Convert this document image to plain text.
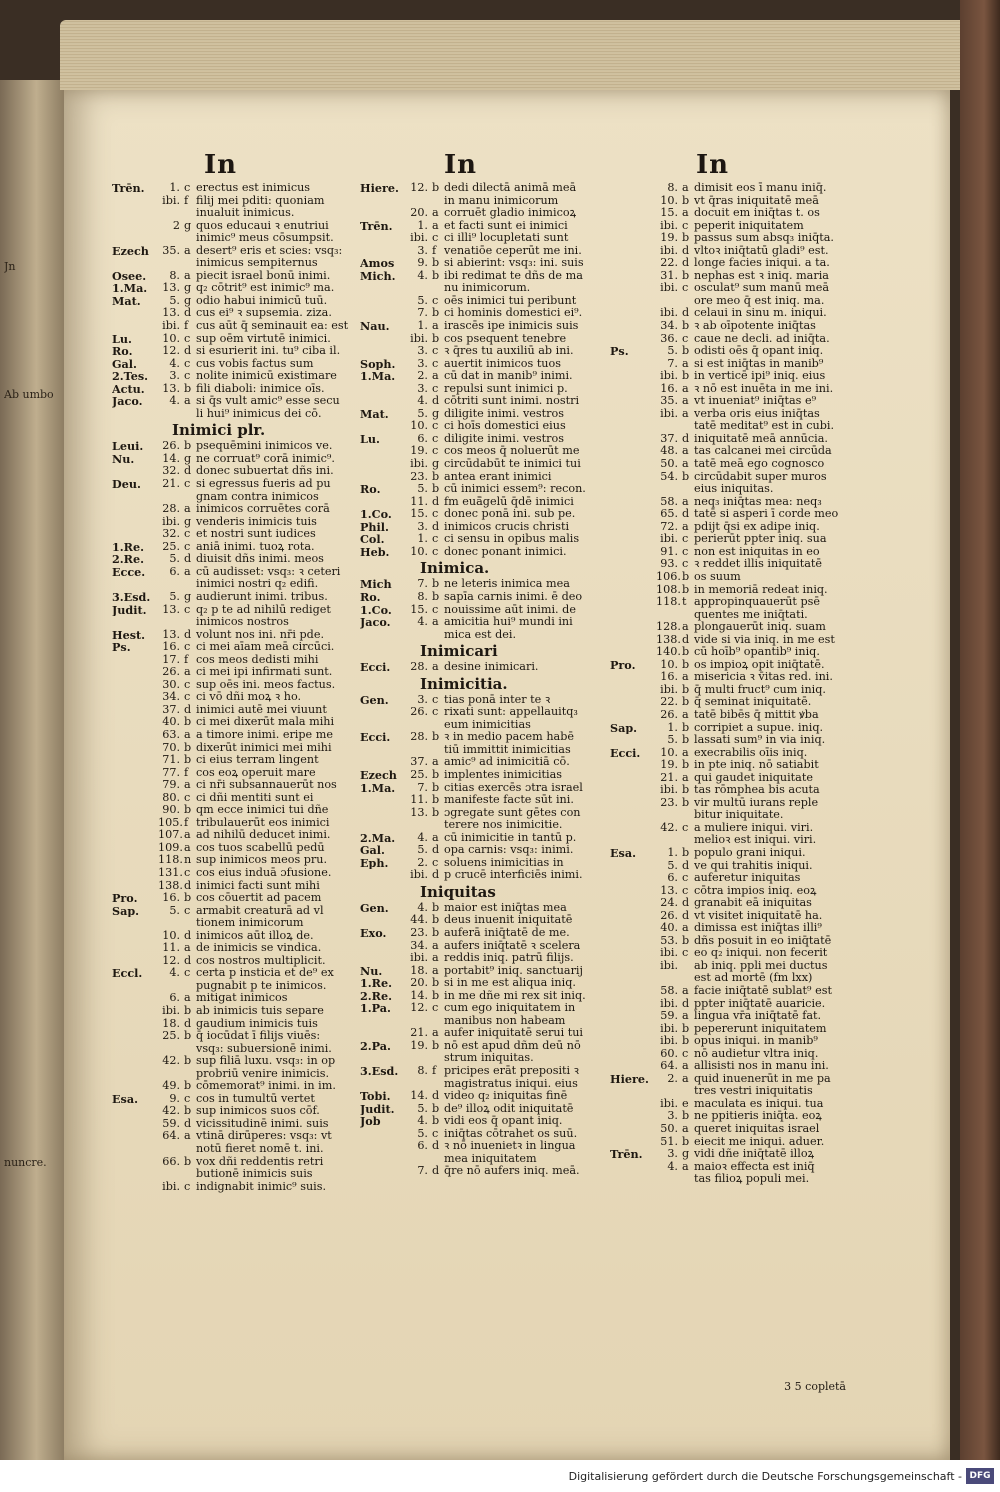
Jn
Ab umbo
nuncre.
In	In	In
Trēn.	1. c erectus est inimicus
ibi. f filij mei pditi: quoniam
inualuit inimicus.
2 g quos educaui ꝛ enutriui
inimic⁹ meus cōsumpsit.
Ezech	35. a desert⁹ eris et scies: vsq₃:
inimicus sempiternus
Osee.	8. a piecit israel bonū inimi.
1.Ma.	13. g q₂ cōtrit⁹ est inimic⁹ ma.
Mat.	5. g odio habui inimicū tuū.
13. d cus ei⁹ ꝛ supsemia. ziza.
ibi. f cus aūt q̄ seminauit ea: est
Lu.	10. c sup oēm virtutē inimici.
Ro.	12. d si esurierit ini. tu⁹ ciba il.
Gal.	4. c cus vobis factus sum
2.Tes.	3. c nolite inimicū existimare
Actu.	13. b fili diaboli: inimice oīs.
Jaco.	4. a si q̄s vult amic⁹ esse secu
li hui⁹ inimicus dei cō.
Inimici plr.
Leui.	26. b psequēmini inimicos ve.
Nu.	14. g ne corruat⁹ corā inimic⁹.
32. d donec subuertat dñs ini.
Deu.	21. c si egressus fueris ad pu
gnam contra inimicos
28. a inimicos corruētes corā
ibi. g venderis inimicis tuis
32. c et nostri sunt iudices
1.Re.	25. c aniā inimi. tuoꝝ rota.
2.Re.	5. d diuisit dñs inimi. meos
Ecce.	6. a cū audisset: vsq₃: ꝛ ceteri
inimici nostri q₂ edifi.
3.Esd.	5. g audierunt inimi. tribus.
Judit.	13. c q₂ p te ad nihilū rediget
inimicos nostros
Hest.	13. d volunt nos ini. nr̄i pde.
Ps.	16. c ci mei aīam meā circūci.
17. f cos meos dedisti mihi
26. a ci mei ipi infirmati sunt.
30. c sup oēs ini. meos factus.
34. c ci vō dñi moꝝ ꝛ ho.
37. d inimici autē mei viuunt
40. b ci mei dixerūt mala mihi
63. a a timore inimi. eripe me
70. b dixerūt inimici mei mihi
71. b ci eius terram lingent
77. f cos eoꝝ operuit mare
79. a ci nr̄i subsannauerūt nos
80. c ci dñi mentiti sunt ei
90. b qm ecce inimici tui dñe
105. f tribulauerūt eos inimici
107. a ad nihilū deducet inimi.
109. a cos tuos scabellū pedū
118. n sup inimicos meos pru.
131. c cos eius induā ɔfusione.
138. d inimici facti sunt mihi
Pro.	16. b cos cōuertit ad pacem
Sap.	5. c armabit creaturā ad vl
tionem inimicorum
10. d inimicos aūt illoꝝ de.
11. a de inimicis se vindica.
12. d cos nostros multiplicit.
Eccl.	4. c certa p insticia et de⁹ ex
pugnabit p te inimicos.
6. a mitigat inimicos
ibi. b ab inimicis tuis separe
18. d gaudium inimicis tuis
25. b q̄ iocūdat ī filijs viuēs:
vsq₃: subuersionē inimi.
42. b sup filiā luxu. vsq₃: in op
probriū venire inimicis.
49. b cōmemorat⁹ inimi. in im.
Esa.	9. c cos in tumultū vertet
42. b sup inimicos suos cōf.
59. d vicissitudinē inimi. suis
64. a vtinā dirūperes: vsq₃: vt
notū fieret nomē t. ini.
66. b vox dñi reddentis retri
butionē inimicis suis
ibi. c indignabit inimic⁹ suis.
Hiere.	12. b dedi dilectā animā meā
in manu inimicorum
20. a corruēt gladio inimicoꝝ
Trēn.	1. a et facti sunt ei inimici
ibi. c ci illi⁹ locupletati sunt
3. f venatiōe ceperūt me ini.
Amos	9. b si abierint: vsq₃: ini. suis
Mich.	4. b ibi redimat te dñs de ma
nu inimicorum.
5. c oēs inimici tui peribunt
7. b ci hominis domestici ei⁹.
Nau.	1. a irascēs ipe inimicis suis
ibi. b cos psequent tenebre
3. c ꝛ q̄res tu auxiliū ab ini.
Soph.	3. c auertit inimicos tuos
1.Ma.	2. a cū dat in manib⁹ inimi.
3. c repulsi sunt inimici p.
4. d cōtriti sunt inimi. nostri
Mat.	5. g diligite inimi. vestros
10. c ci hoīs domestici eius
Lu.	6. c diligite inimi. vestros
19. c cos meos q̄ noluerūt me
ibi. g circūdabūt te inimici tui
23. b antea erant inimici
Ro.	5. b cū inimici essem⁹: recon.
11. d fm euā̄gelū q̄dē inimici
1.Co.	15. c donec ponā ini. sub pe.
Phil.	3. d inimicos crucis christi
Col.	1. c ci sensu in opibus malis
Heb.	10. c donec ponant inimici.
Inimica.
Mich	7. b ne leteris inimica mea
Ro.	8. b sapīa carnis inimi. ē deo
1.Co.	15. c nouissime aūt inimi. de
Jaco.	4. a amicitia hui⁹ mundi ini
mica est dei.
Inimicari
Ecci.	28. a desine inimicari.
Inimicitia.
Gen.	3. c tias ponā inter te ꝛ
26. c rixati sunt: appellauitq₃
eum inimicitias
Ecci.	28. b ꝛ in medio pacem habē
tiū immittit inimicitias
37. a amic⁹ ad inimicitiā cō.
Ezech	25. b implentes inimicitias
1.Ma.	7. b citias exercēs ɔtra israel
11. b manifeste facte sūt ini.
13. b ɔgregate sunt gētes con
terere nos inimicitie.
2.Ma.	4. a cū inimicitie in tantū p.
Gal.	5. d opa carnis: vsq₃: inimi.
Eph.	2. c soluens inimicitias in
ibi. d p crucē interficiēs inimi.
Iniquitas
Gen.	4. b maior est iniq̄tas mea
44. b deus inuenit iniquitatē
Exo.	23. b auferā iniq̄tatē de me.
34. a aufers iniq̄tatē ꝛ scelera
ibi. a reddis iniq. patrū filijs.
Nu.	18. a portabit⁹ iniq. sanctuarij
1.Re.	20. b si in me est aliqua iniq.
2.Re.	14. b in me dñe mi rex sit iniq.
1.Pa.	12. c cum ego iniquitatem in
manibus non habeam
21. a aufer iniquitatē serui tui
2.Pa.	19. b nō est apud dñm deū nō
strum iniquitas.
3.Esd.	8. f pricipes erāt prepositi ꝛ
magistratus iniqui. eius
Tobi.	14. d video q₂ iniquitas finē
Judit.	5. b de⁹ illoꝝ odit iniquitatē
Job	4. b vidi eos q̄ opant iniq.
5. c iniq̄tas cōtrahet os suū.
6. d ꝛ nō inuenietꝛ in lingua
mea iniquitatem
7. d q̄re nō aufers iniq. meā.
8. a dimisit eos ī manu iniq̄.
10. b vt q̄ras iniquitatē meā
15. a docuit em iniq̄tas t. os
ibi. c peperit iniquitatem
19. b passus sum absq₃ iniq̄ta.
ibi. d vltoꝛ iniq̄tatū gladi⁹ est.
22. d longe facies iniqui. a ta.
31. b nephas est ꝛ iniq. maria
ibi. c osculat⁹ sum manū meā
ore meo q̄ est iniq. ma.
ibi. d celaui in sinu m. iniqui.
34. b ꝛ ab oīpotente iniq̄tas
36. c caue ne decli. ad iniq̄ta.
Ps.	5. b odisti oēs q̄ opant iniq.
7. a si est iniq̄tas in manib⁹
ibi. b in verticē ipi⁹ iniq. eius
16. a ꝛ nō est inuēta in me ini.
35. a vt inueniat⁹ iniq̄tas e⁹
ibi. a verba oris eius iniq̄tas
tatē meditat⁹ est in cubi.
37. d iniquitatē meā annūcia.
48. a tas calcanei mei circūda
50. a tatē meā ego cognosco
54. b circūdabit super muros
eius iniquitas.
58. a neq₃ iniq̄tas mea: neq₃
65. d tatē si asperi ī corde meo
72. a pdijt q̄si ex adipe iniq.
ibi. c perierūt ppter iniq. sua
91. c non est iniquitas in eo
93. c ꝛ reddet illis iniquitatē
106. b os suum
108. b in memoriā redeat iniq.
118. t appropinquauerūt psē
quentes me iniq̄tati.
128. a plongauerūt iniq. suam
138. d vide si via iniq. in me est
140. b cū hoīb⁹ opantib⁹ iniq.
Pro.	10. b os impioꝝ opit iniq̄tatē.
16. a misericia ꝛ v̄itas red. ini.
ibi. b q̄ multi fruct⁹ cum iniq.
22. b q̄ seminat iniquitatē.
26. a tatē bibēs q̄ mittit ꝟba
Sap.	1. b corripiet a supue. iniq.
5. b lassati sum⁹ in via iniq.
Ecci.	10. a execrabilis oīis iniq.
19. b in pte iniq. nō satiabit
21. a qui gaudet iniquitate
ibi. b tas rōmphea bis acuta
23. b vir multū iurans reple
bitur iniquitate.
42. c a muliere iniqui. viri.
melioꝛ est iniqui. viri.
Esa.	1. b populo grani iniqui.
5. d ve qui trahitis iniqui.
6. c auferetur iniquitas
13. c cōtra impios iniq. eoꝝ
24. d granabit eā iniquitas
26. d vt visitet iniquitatē ha.
40. a dimissa est iniq̄tas illi⁹
53. b dñs posuit in eo iniq̄tatē
ibi. c eo q₂ iniqui. non fecerit
ibi.	ab iniq. ppli mei ductus
est ad mortē (fm lxx)
58. a facie iniq̄tatē sublat⁹ est
ibi. d ppter iniq̄tatē auaricie.
59. a lingua vr̄a iniq̄tatē fat.
ibi. b pepererunt iniquitatem
ibi. b opus iniqui. in manib⁹
60. c nō audietur vltra iniq.
64. a allisisti nos in manu ini.
Hiere.	2. a quid inuenerūt in me pa
tres vestri iniquitatis
ibi. e maculata es iniqui. tua
3. b ne ppitieris iniq̄ta. eoꝝ
50. a queret iniquitas israel
51. b eiecit me iniqui. aduer.
Trēn.	3. g vidi dñe iniq̄tatē illoꝝ
4. a maioꝛ effecta est iniq̄
tas filioꝝ populi mei.
3 5 copletā
Digitalisierung gefördert durch die Deutsche Forschungsgemeinschaft - DFG
